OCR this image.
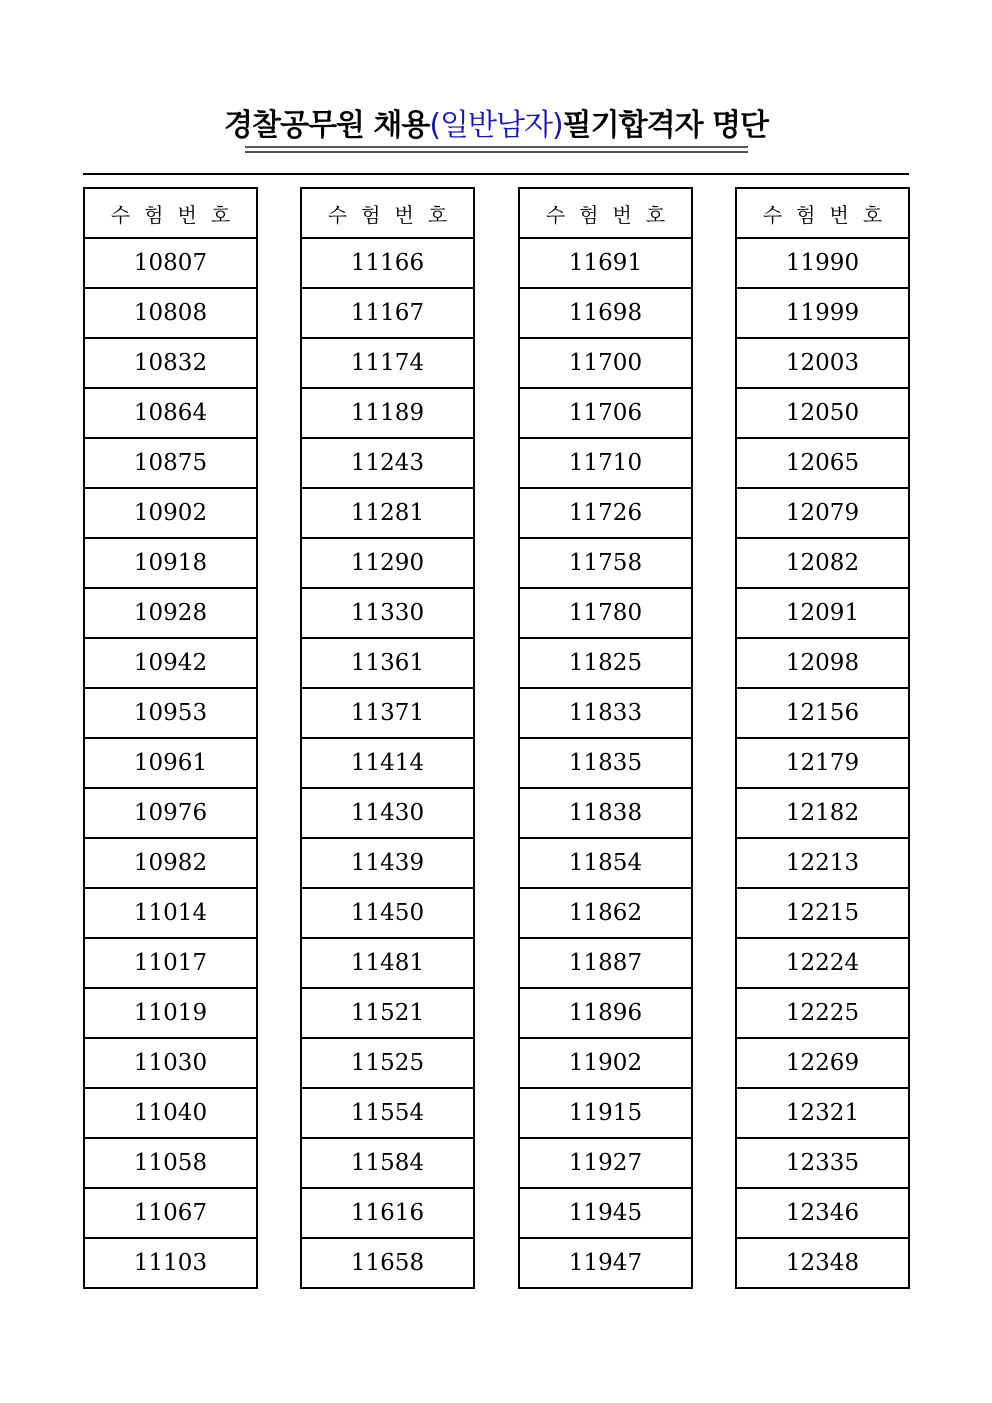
경찰공무원 채용(일반남자)필기합격자 명단
수험번호
10807
10808
10832
10864
10875
10902
10918
10928
10942
10953
10961
10976
10982
11014
11017
11019
11030
11040
11058
11067
11103
수험번호
11166
11167
11174
11189
11243
11281
11290
11330
11361
11371
11414
11430
11439
11450
11481
11521
11525
11554
11584
11616
11658
수험번호
11691
11698
11700
11706
11710
11726
11758
11780
11825
11833
11835
11838
11854
11862
11887
11896
11902
11915
11927
11945
11947
수험번호
11990
11999
12003
12050
12065
12079
12082
12091
12098
12156
12179
12182
12213
12215
12224
12225
12269
12321
12335
12346
12348
